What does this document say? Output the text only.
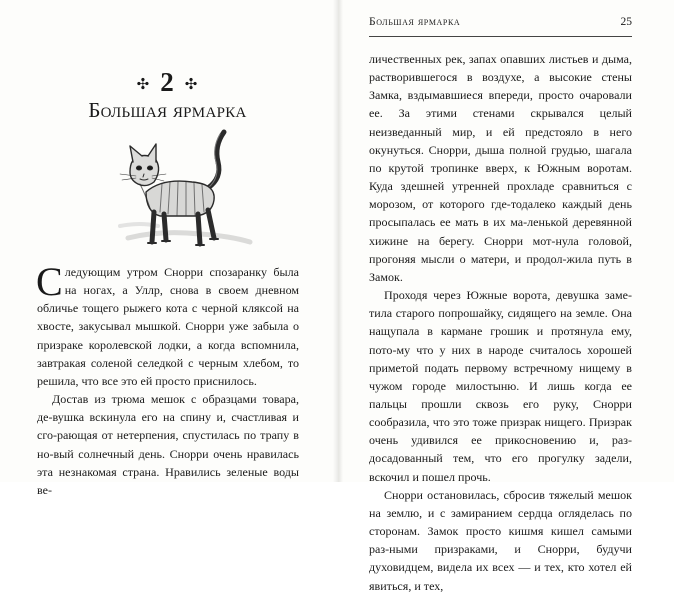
✣ 2 ✣
Большая ярмарка

Следующим утром Снорри спозаранку была на ногах, а Уллр, снова в своем дневном обличье тощего рыжего кота с черной кляксой на хвосте, закусывал мышкой. Снорри уже забыла о призраке королевской лодки, а когда вспомнила, завтракая соленой селедкой с черным хлебом, то решила, что все это ей просто приснилось.

Достав из трюма мешок с образцами товара, де-вушка вскинула его на спину и, счастливая и сго-рающая от нетерпения, спустилась по трапу в но-вый солнечный день. Снорри очень нравилась эта незнакомая страна. Нравились зеленые воды ве-

Большая ярмарка	25

личественных рек, запах опавших листьев и дыма, растворившегося в воздухе, а высокие стены Замка, вздымавшиеся впереди, просто очаровали ее. За этими стенами скрывался целый неизведанный мир, и ей предстояло в него окунуться. Снорри, дыша полной грудью, шагала по крутой тропинке вверх, к Южным воротам. Куда здешней утренней прохладе сравниться с морозом, от которого где-тодалеко каждый день просыпалась ее мать в их ма-ленькой деревянной хижине на берегу. Снорри мот-нула головой, прогоняя мысли о матери, и продол-жила путь в Замок.

Проходя через Южные ворота, девушка заме-тила старого попрошайку, сидящего на земле. Она нащупала в кармане грошик и протянула ему, пото-му что у них в народе считалось хорошей приметой подать первому встречному нищему в чужом городе милостыню. И лишь когда ее пальцы прошли сквозь его руку, Снорри сообразила, что это тоже призрак нищего. Призрак очень удивился ее прикосновению и, раз-досадованный тем, что его прогулку задели, вскочил и пошел прочь.

Снорри остановилась, сбросив тяжелый мешок на землю, и с замиранием сердца огляделась по сторонам. Замок просто кишмя кишел самыми раз-ными призраками, и Снорри, будучи духовидцем, видела их всех — и тех, кто хотел ей явиться, и тех,
